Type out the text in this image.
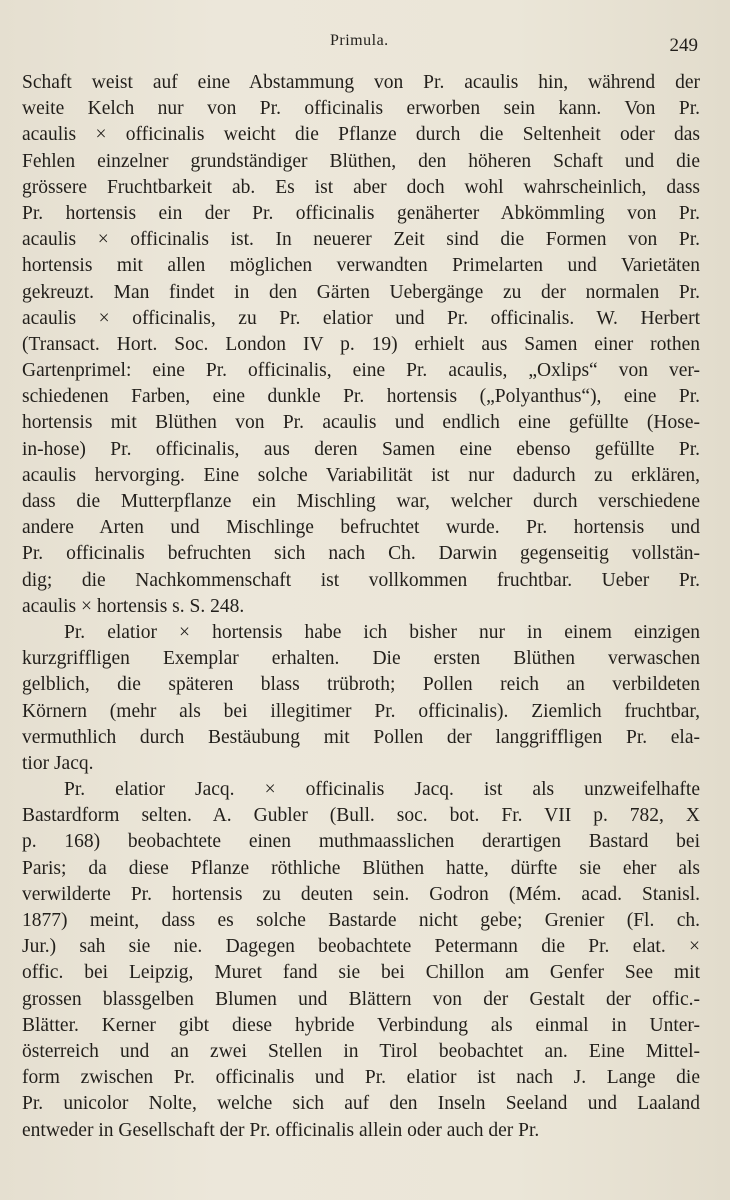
Primula.	249
Schaft weist auf eine Abstammung von Pr. acaulis hin, während der
weite Kelch nur von Pr. officinalis erworben sein kann. Von Pr.
acaulis × officinalis weicht die Pflanze durch die Seltenheit oder das
Fehlen einzelner grundständiger Blüthen, den höheren Schaft und die
grössere Fruchtbarkeit ab. Es ist aber doch wohl wahrscheinlich, dass
Pr. hortensis ein der Pr. officinalis genäherter Abkömmling von Pr.
acaulis × officinalis ist. In neuerer Zeit sind die Formen von Pr.
hortensis mit allen möglichen verwandten Primelarten und Varietäten
gekreuzt. Man findet in den Gärten Uebergänge zu der normalen Pr.
acaulis × officinalis, zu Pr. elatior und Pr. officinalis. W. Herbert
(Transact. Hort. Soc. London IV p. 19) erhielt aus Samen einer rothen
Gartenprimel: eine Pr. officinalis, eine Pr. acaulis, „Oxlips“ von ver-
schiedenen Farben, eine dunkle Pr. hortensis („Polyanthus“), eine Pr.
hortensis mit Blüthen von Pr. acaulis und endlich eine gefüllte (Hose-
in-hose) Pr. officinalis, aus deren Samen eine ebenso gefüllte Pr.
acaulis hervorging. Eine solche Variabilität ist nur dadurch zu erklären,
dass die Mutterpflanze ein Mischling war, welcher durch verschiedene
andere Arten und Mischlinge befruchtet wurde. Pr. hortensis und
Pr. officinalis befruchten sich nach Ch. Darwin gegenseitig vollstän-
dig; die Nachkommenschaft ist vollkommen fruchtbar. Ueber Pr.
acaulis × hortensis s. S. 248.
Pr. elatior × hortensis habe ich bisher nur in einem einzigen
kurzgriffligen Exemplar erhalten. Die ersten Blüthen verwaschen
gelblich, die späteren blass trübroth; Pollen reich an verbildeten
Körnern (mehr als bei illegitimer Pr. officinalis). Ziemlich fruchtbar,
vermuthlich durch Bestäubung mit Pollen der langgriffligen Pr. ela-
tior Jacq.
Pr. elatior Jacq. × officinalis Jacq. ist als unzweifelhafte
Bastardform selten. A. Gubler (Bull. soc. bot. Fr. VII p. 782, X
p. 168) beobachtete einen muthmaasslichen derartigen Bastard bei
Paris; da diese Pflanze röthliche Blüthen hatte, dürfte sie eher als
verwilderte Pr. hortensis zu deuten sein. Godron (Mém. acad. Stanisl.
1877) meint, dass es solche Bastarde nicht gebe; Grenier (Fl. ch.
Jur.) sah sie nie. Dagegen beobachtete Petermann die Pr. elat. ×
offic. bei Leipzig, Muret fand sie bei Chillon am Genfer See mit
grossen blassgelben Blumen und Blättern von der Gestalt der offic.-
Blätter. Kerner gibt diese hybride Verbindung als einmal in Unter-
österreich und an zwei Stellen in Tirol beobachtet an. Eine Mittel-
form zwischen Pr. officinalis und Pr. elatior ist nach J. Lange die
Pr. unicolor Nolte, welche sich auf den Inseln Seeland und Laaland
entweder in Gesellschaft der Pr. officinalis allein oder auch der Pr.
